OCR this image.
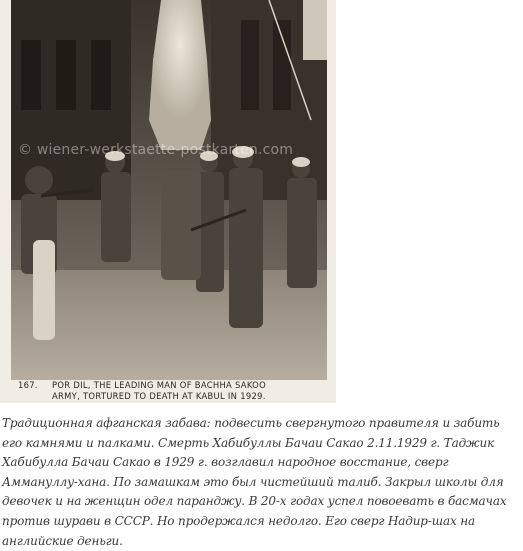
© wiener-werkstaette-postkarten.com
167. POR DIL, THE LEADING MAN OF BACHHA SAKOO
ARMY, TORTURED TO DEATH AT KABUL IN 1929.
Традиционная афганская забава: подвесить свергнутого правителя и забить его камнями и палками. Смерть Хабибуллы Бачаи Сакао 2.11.1929 г. Таджик Хабибулла Бачаи Сакао в 1929 г. возглавил народное восстание, сверг Аммануллу-хана. По замашкам это был чистейший талиб. Закрыл школы для девочек и на женщин одел паранджу. В 20-х годах успел повоевать в басмачах против шурави в СССР. Но продержался недолго. Его сверг Надир-шах на английские деньги.
